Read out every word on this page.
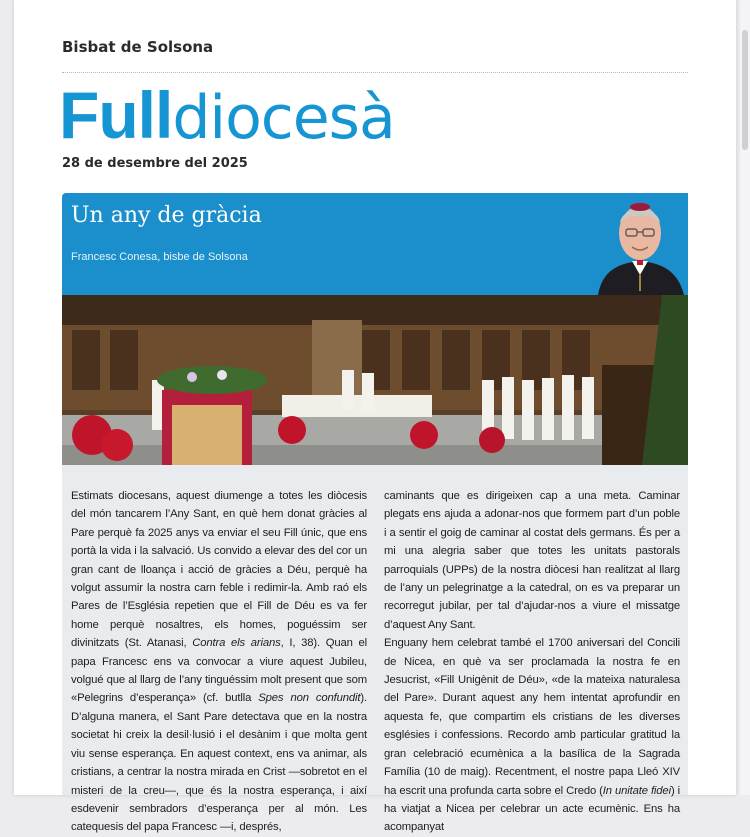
Bisbat de Solsona
Fulldiocesà
28 de desembre del 2025
Un any de gràcia
Francesc Conesa, bisbe de Solsona

Estimats diocesans, aquest diumenge a totes les diòcesis del món tancarem l’Any Sant, en què hem donat gràcies al Pare perquè fa 2025 anys va enviar el seu Fill únic, que ens portà la vida i la salvació. Us convido a elevar des del cor un gran cant de lloança i acció de gràcies a Déu, perquè ha volgut assumir la nostra carn feble i redimir-la. Amb raó els Pares de l’Església repetien que el Fill de Déu es va fer home perquè nosaltres, els homes, poguéssim ser divinitzats (St. Atanasi, Contra els arians, I, 38). Quan el papa Francesc ens va convocar a viure aquest Jubileu, volgué que al llarg de l’any tinguéssim molt present que som «Pelegrins d’esperança» (cf. butlla Spes non confundit). D’alguna manera, el Sant Pare detectava que en la nostra societat hi creix la desil·lusió i el desànim i que molta gent viu sense esperança. En aquest context, ens va animar, als cristians, a centrar la nostra mirada en Crist —sobretot en el misteri de la creu—, que és la nostra esperança, i així esdevenir sembradors d’esperança per al món. Les catequesis del papa Francesc —i, després,

caminants que es dirigeixen cap a una meta. Caminar plegats ens ajuda a adonar-nos que formem part d’un poble i a sentir el goig de caminar al costat dels germans. És per a mi una alegria saber que totes les unitats pastorals parroquials (UPPs) de la nostra diòcesi han realitzat al llarg de l’any un pelegrinatge a la catedral, on es va preparar un recorregut jubilar, per tal d’ajudar-nos a viure el missatge d’aquest Any Sant.

Enguany hem celebrat també el 1700 aniversari del Concili de Nicea, en què va ser proclamada la nostra fe en Jesucrist, «Fill Unigènit de Déu», «de la mateixa naturalesa del Pare». Durant aquest any hem intentat aprofundir en aquesta fe, que compartim els cristians de les diverses esglésies i confessions. Recordo amb particular gratitud la gran celebració ecumènica a la basílica de la Sagrada Família (10 de maig). Recentment, el nostre papa Lleó XIV ha escrit una profunda carta sobre el Credo (In unitate fidei) i ha viatjat a Nicea per celebrar un acte ecumènic. Ens ha acompanyat
